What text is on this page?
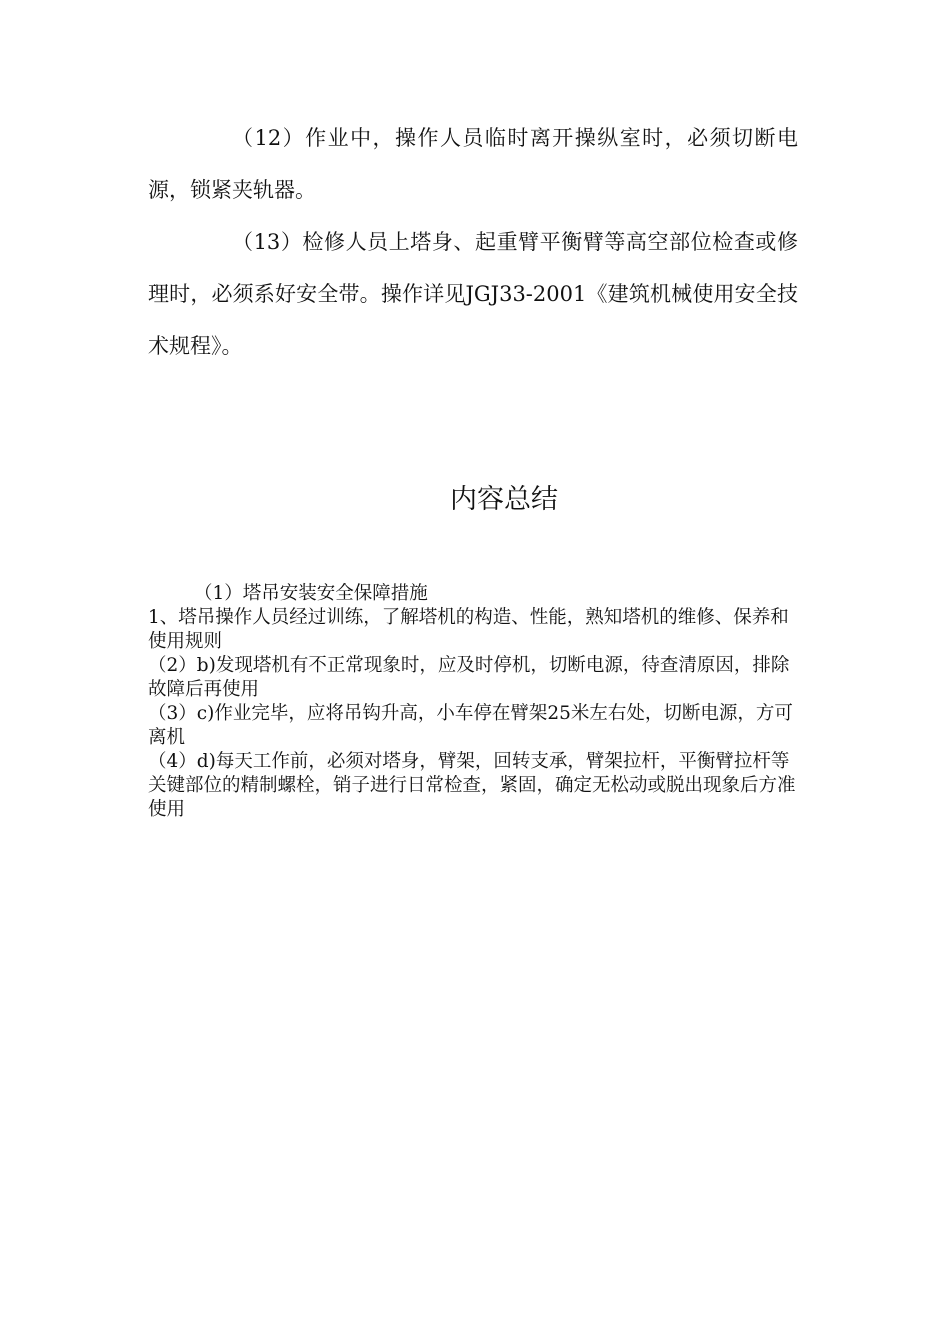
（12）作业中，操作人员临时离开操纵室时，必须切断电源，锁紧夹轨器。

（13）检修人员上塔身、起重臂平衡臂等高空部位检查或修理时，必须系好安全带。操作详见JGJ33-2001《建筑机械使用安全技术规程》。

内容总结

（1）塔吊安装安全保障措施

1、塔吊操作人员经过训练，了解塔机的构造、性能，熟知塔机的维修、保养和使用规则

（2）b)发现塔机有不正常现象时，应及时停机，切断电源，待查清原因，排除故障后再使用

（3）c)作业完毕，应将吊钩升高，小车停在臂架25米左右处，切断电源，方可离机

（4）d)每天工作前，必须对塔身，臂架，回转支承，臂架拉杆，平衡臂拉杆等关键部位的精制螺栓，销子进行日常检查，紧固，确定无松动或脱出现象后方准使用
